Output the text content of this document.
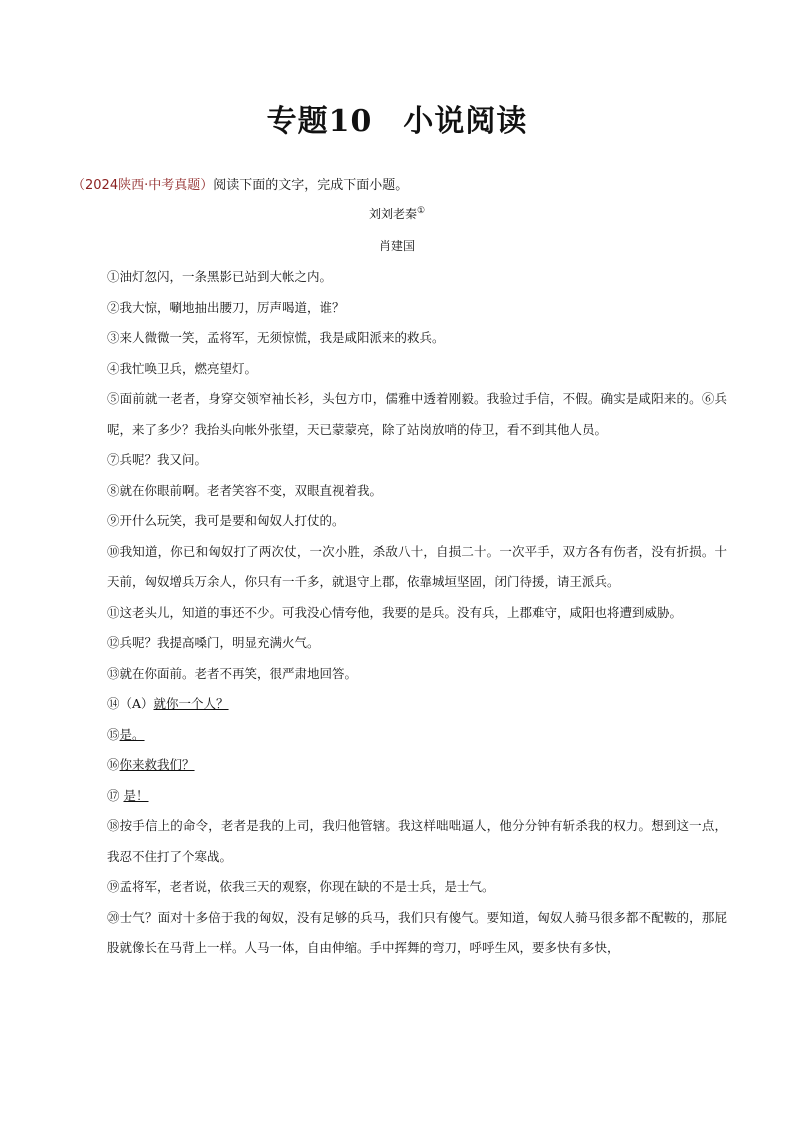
专题10　小说阅读
（2024陕西·中考真题）阅读下面的文字，完成下面小题。
刘刘老秦①
肖建国

①油灯忽闪，一条黑影已站到大帐之内。

②我大惊，唰地抽出腰刀，厉声喝道，谁？

③来人微微一笑，孟将军，无须惊慌，我是咸阳派来的救兵。

④我忙唤卫兵，燃亮望灯。

⑤面前就一老者，身穿交领窄袖长衫，头包方巾，儒雅中透着刚毅。我验过手信，不假。确实是咸阳来的。⑥兵呢，来了多少？我抬头向帐外张望，天已蒙蒙亮，除了站岗放哨的侍卫，看不到其他人员。

⑦兵呢？我又问。

⑧就在你眼前啊。老者笑容不变，双眼直视着我。

⑨开什么玩笑，我可是要和匈奴人打仗的。

⑩我知道，你已和匈奴打了两次仗，一次小胜，杀敌八十，自损二十。一次平手，双方各有伤者，没有折损。十天前，匈奴增兵万余人，你只有一千多，就退守上郡，依靠城垣坚固，闭门待援，请王派兵。

⑪这老头儿，知道的事还不少。可我没心情夸他，我要的是兵。没有兵，上郡难守，咸阳也将遭到威胁。

⑫兵呢？我提高嗓门，明显充满火气。

⑬就在你面前。老者不再笑，很严肃地回答。

⑭（A）就你一个人？

⑮是。

⑯你来救我们？

⑰ 是！

⑱按手信上的命令，老者是我的上司，我归他管辖。我这样咄咄逼人，他分分钟有斩杀我的权力。想到这一点，我忍不住打了个寒战。

⑲孟将军，老者说，依我三天的观察，你现在缺的不是士兵，是士气。

⑳士气？面对十多倍于我的匈奴，没有足够的兵马，我们只有傻气。要知道，匈奴人骑马很多都不配鞍的，那屁股就像长在马背上一样。人马一体，自由伸缩。手中挥舞的弯刀，呼呼生风，要多快有多快，
